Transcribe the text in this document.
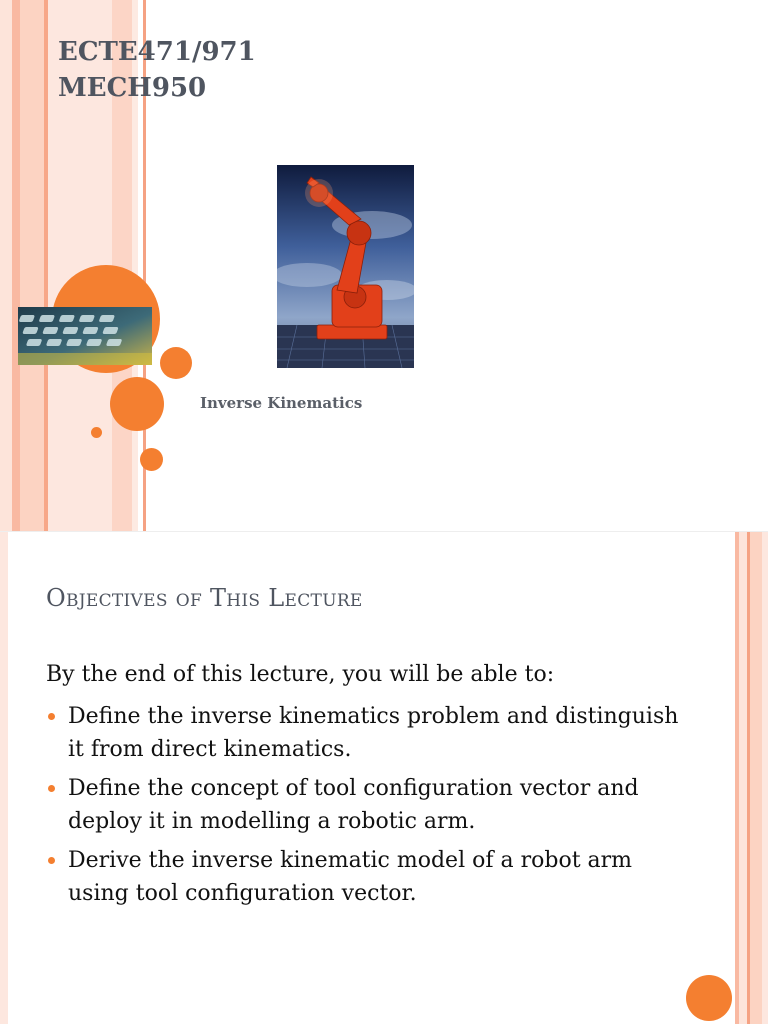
ECTE471/971
MECH950
Inverse Kinematics
Objectives of This Lecture
By the end of this lecture, you will be able to:
Define the inverse kinematics problem and distinguish it from direct kinematics.
Define the concept of tool configuration vector and deploy it in modelling a robotic arm.
Derive the inverse kinematic model of a robot arm using tool configuration vector.
